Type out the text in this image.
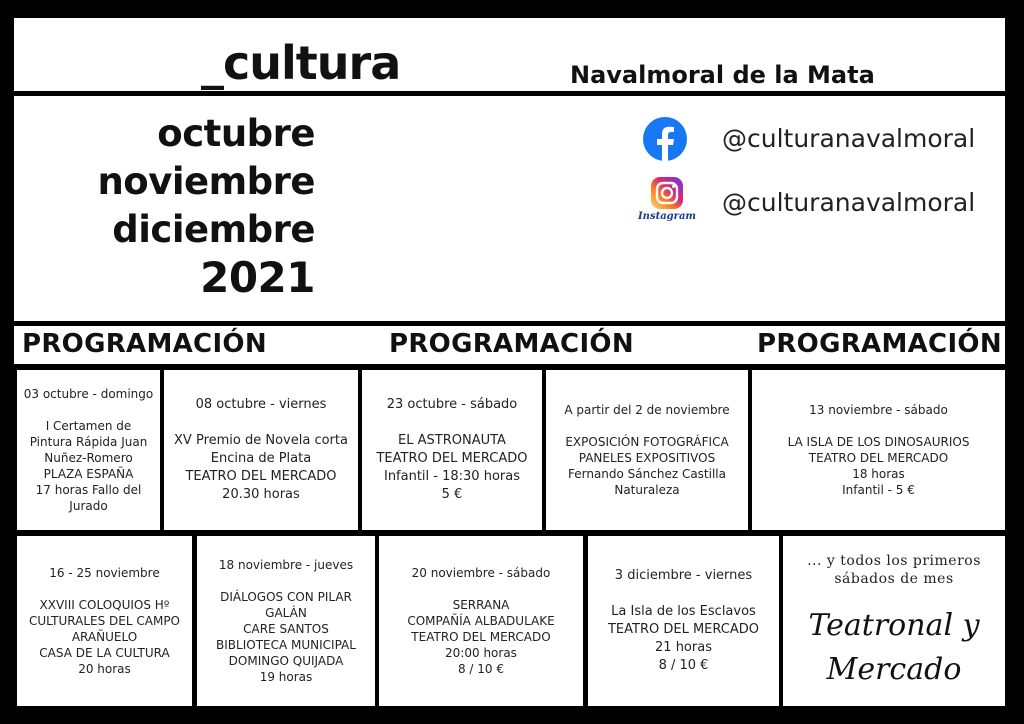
_cultura	Navalmoral de la Mata
octubre
noviembre
diciembre
2021
@culturanavalmoral
Instagram @culturanavalmoral
PROGRAMACIÓN	PROGRAMACIÓN	PROGRAMACIÓN
03 octubre - domingo
I Certamen de Pintura Rápida Juan Nuñez-Romero
PLAZA ESPAÑA
17 horas Fallo del Jurado
08 octubre - viernes
XV Premio de Novela corta Encina de Plata
TEATRO DEL MERCADO
20.30 horas
23 octubre - sábado
EL ASTRONAUTA
TEATRO DEL MERCADO
Infantil - 18:30 horas
5 €
A partir del 2 de noviembre
EXPOSICIÓN FOTOGRÁFICA
PANELES EXPOSITIVOS
Fernando Sánchez Castilla
Naturaleza
13 noviembre - sábado
LA ISLA DE LOS DINOSAURIOS
TEATRO DEL MERCADO
18 horas
Infantil - 5 €
16 - 25 noviembre
XXVIII COLOQUIOS Hº CULTURALES DEL CAMPO ARAÑUELO
CASA DE LA CULTURA
20 horas
18 noviembre - jueves
DIÁLOGOS CON PILAR GALÁN
CARE SANTOS
BIBLIOTECA MUNICIPAL
DOMINGO QUIJADA
19 horas
20 noviembre - sábado
SERRANA
COMPAÑÍA ALBADULAKE
TEATRO DEL MERCADO
20:00 horas
8 / 10 €
3 diciembre - viernes
La Isla de los Esclavos
TEATRO DEL MERCADO
21 horas
8 / 10 €
... y todos los primeros sábados de mes
Teatronal y
Mercado
